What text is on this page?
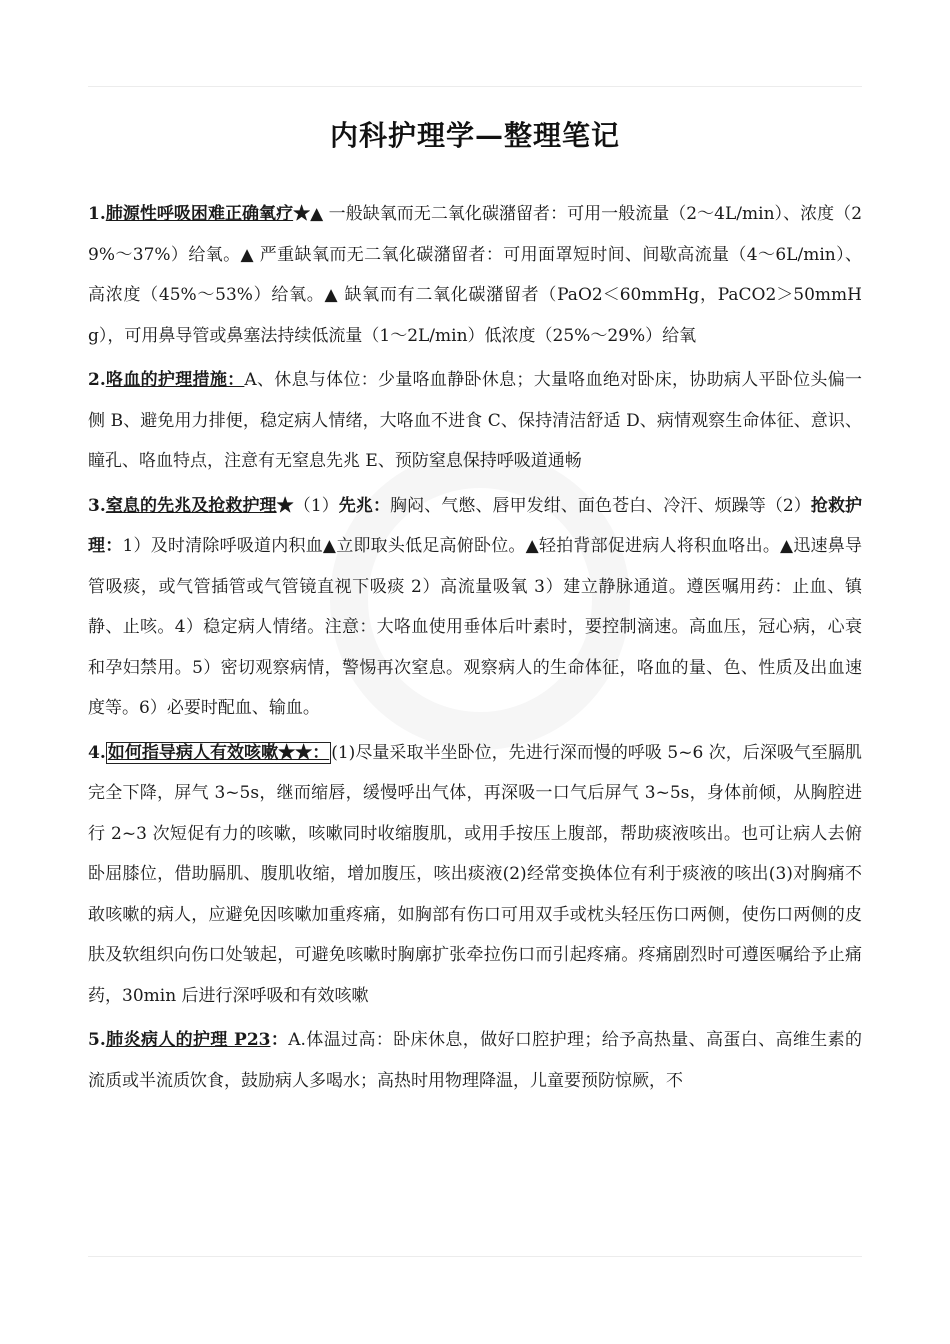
内科护理学—整理笔记

1.肺源性呼吸困难正确氧疗★▲ 一般缺氧而无二氧化碳潴留者：可用一般流量（2～4L/min）、浓度（29%～37%）给氧。▲ 严重缺氧而无二氧化碳潴留者：可用面罩短时间、间歇高流量（4～6L/min）、高浓度（45%～53%）给氧。▲ 缺氧而有二氧化碳潴留者（PaO2＜60mmHg，PaCO2＞50mmHg），可用鼻导管或鼻塞法持续低流量（1～2L/min）低浓度（25%～29%）给氧

2.咯血的护理措施：A、休息与体位：少量咯血静卧休息；大量咯血绝对卧床，协助病人平卧位头偏一侧 B、避免用力排便，稳定病人情绪，大咯血不进食 C、保持清洁舒适 D、病情观察生命体征、意识、瞳孔、咯血特点，注意有无窒息先兆 E、预防窒息保持呼吸道通畅

3.窒息的先兆及抢救护理★（1）先兆：胸闷、气憋、唇甲发绀、面色苍白、冷汗、烦躁等（2）抢救护理：1）及时清除呼吸道内积血▲立即取头低足高俯卧位。▲轻拍背部促进病人将积血咯出。▲迅速鼻导管吸痰，或气管插管或气管镜直视下吸痰 2）高流量吸氧 3）建立静脉通道。遵医嘱用药：止血、镇静、止咳。4）稳定病人情绪。注意：大咯血使用垂体后叶素时，要控制滴速。高血压，冠心病，心衰和孕妇禁用。5）密切观察病情，警惕再次窒息。观察病人的生命体征，咯血的量、色、性质及出血速度等。6）必要时配血、输血。

4. 如何指导病人有效咳嗽★★： (1)尽量采取半坐卧位，先进行深而慢的呼吸 5~6 次，后深吸气至膈肌完全下降，屏气 3~5s，继而缩唇，缓慢呼出气体，再深吸一口气后屏气 3~5s，身体前倾，从胸腔进行 2~3 次短促有力的咳嗽，咳嗽同时收缩腹肌，或用手按压上腹部，帮助痰液咳出。也可让病人去俯卧屈膝位，借助膈肌、腹肌收缩，增加腹压，咳出痰液(2)经常变换体位有利于痰液的咳出(3)对胸痛不敢咳嗽的病人，应避免因咳嗽加重疼痛，如胸部有伤口可用双手或枕头轻压伤口两侧，使伤口两侧的皮肤及软组织向伤口处皱起，可避免咳嗽时胸廓扩张牵拉伤口而引起疼痛。疼痛剧烈时可遵医嘱给予止痛药，30min 后进行深呼吸和有效咳嗽

5.肺炎病人的护理 P23：A.体温过高：卧床休息，做好口腔护理；给予高热量、高蛋白、高维生素的流质或半流质饮食，鼓励病人多喝水；高热时用物理降温，儿童要预防惊厥，不
